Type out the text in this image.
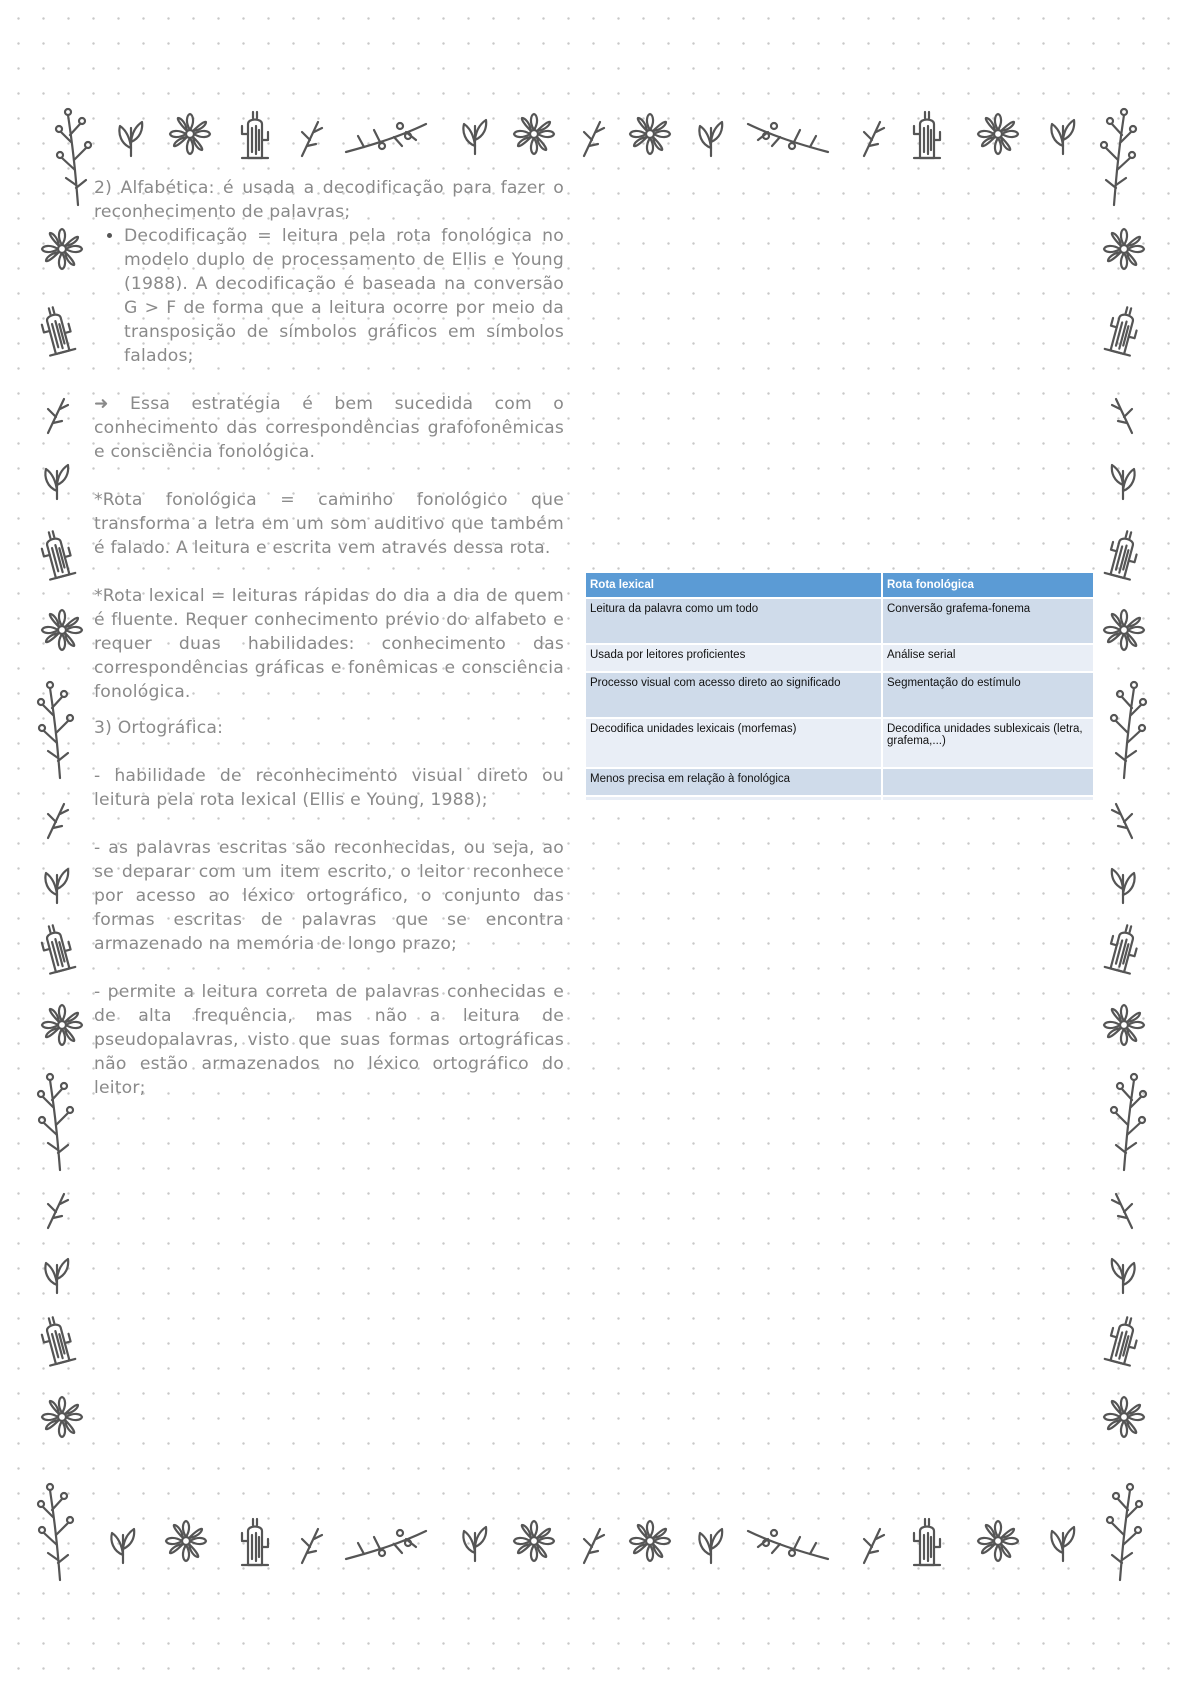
2) Alfabética: é usada a decodificação para fazer o reconhecimento de palavras;

• Decodificação = leitura pela rota fonológica no modelo duplo de processamento de Ellis e Young (1988). A decodificação é baseada na conversão G > F de forma que a leitura ocorre por meio da transposição de símbolos gráficos em símbolos falados;

➜ Essa estratégia é bem sucedida com o conhecimento das correspondências grafofonêmicas e consciência fonológica.

*Rota fonológica = caminho fonológico que transforma a letra em um som auditivo que também é falado. A leitura e escrita vem através dessa rota.

*Rota lexical = leituras rápidas do dia a dia de quem é fluente. Requer conhecimento prévio do alfabeto e requer duas habilidades: conhecimento das correspondências gráficas e fonêmicas e consciência fonológica.

3) Ortográfica:

- habilidade de reconhecimento visual direto ou leitura pela rota lexical (Ellis e Young, 1988);

- as palavras escritas são reconhecidas, ou seja, ao se deparar com um item escrito, o leitor reconhece por acesso ao léxico ortográfico, o conjunto das formas escritas de palavras que se encontra armazenado na memória de longo prazo;

- permite a leitura correta de palavras conhecidas e de alta frequência, mas não a leitura de pseudopalavras, visto que suas formas ortográficas não estão armazenados no léxico ortográfico do leitor;

Rota lexical	Rota fonológica
Leitura da palavra como um todo	Conversão grafema-fonema
Usada por leitores proficientes	Análise serial
Processo visual com acesso direto ao significado	Segmentação do estímulo
Decodifica unidades lexicais (morfemas)	Decodifica unidades sublexicais (letra, grafema,...)
Menos precisa em relação à fonológica	
